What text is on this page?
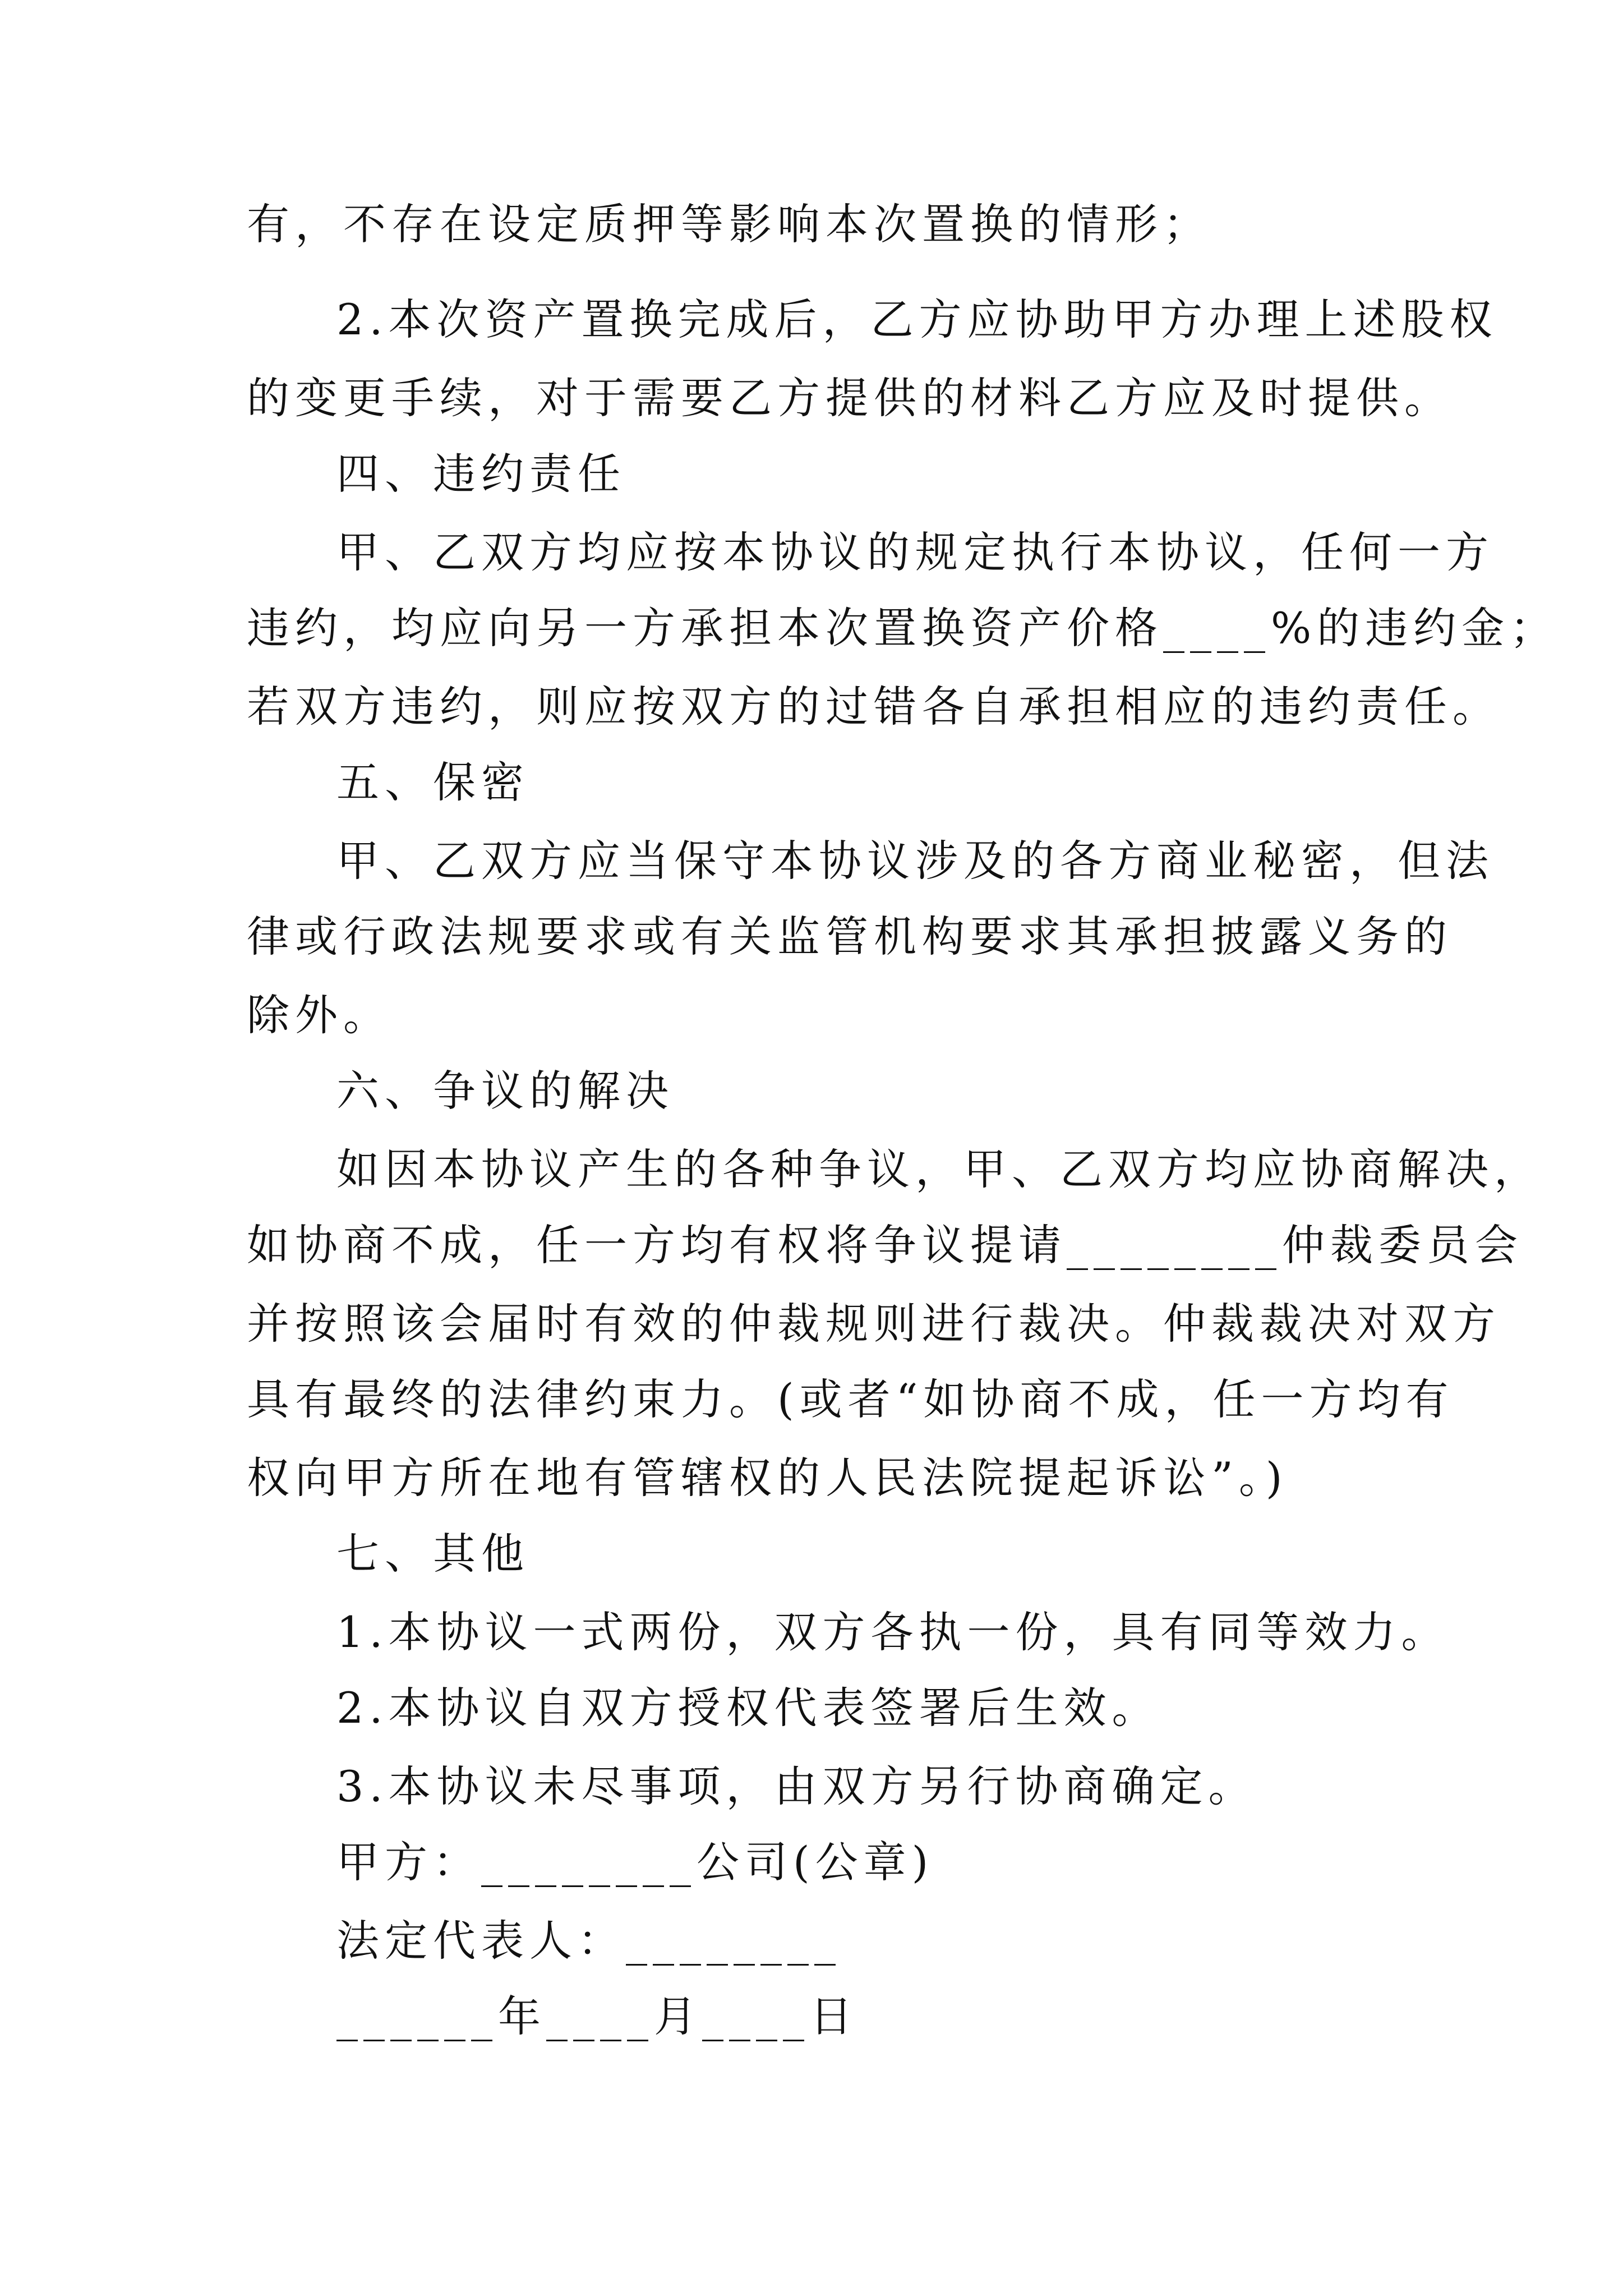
有，不存在设定质押等影响本次置换的情形；
2.本次资产置换完成后，乙方应协助甲方办理上述股权
的变更手续，对于需要乙方提供的材料乙方应及时提供。
四、违约责任
甲、乙双方均应按本协议的规定执行本协议，任何一方
违约，均应向另一方承担本次置换资产价格____%的违约金；
若双方违约，则应按双方的过错各自承担相应的违约责任。
五、保密
甲、乙双方应当保守本协议涉及的各方商业秘密，但法
律或行政法规要求或有关监管机构要求其承担披露义务的
除外。
六、争议的解决
如因本协议产生的各种争议，甲、乙双方均应协商解决，
如协商不成，任一方均有权将争议提请________仲裁委员会
并按照该会届时有效的仲裁规则进行裁决。仲裁裁决对双方
具有最终的法律约束力。(或者“如协商不成，任一方均有
权向甲方所在地有管辖权的人民法院提起诉讼”。)
七、其他
1.本协议一式两份，双方各执一份，具有同等效力。
2.本协议自双方授权代表签署后生效。
3.本协议未尽事项，由双方另行协商确定。
甲方：________公司(公章)
法定代表人：________
______年____月____日
